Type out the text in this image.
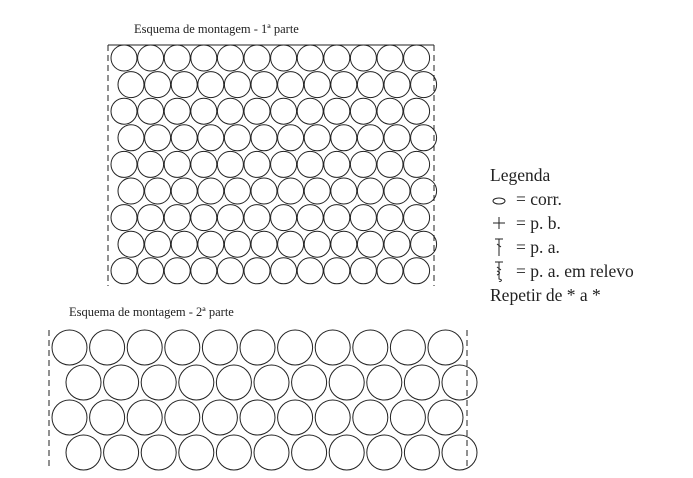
Esquema de montagem - 1ª parte
Esquema de montagem - 2ª parte
Legenda
= corr.
= p. b.
= p. a.
= p. a. em relevo
Repetir de * a *
